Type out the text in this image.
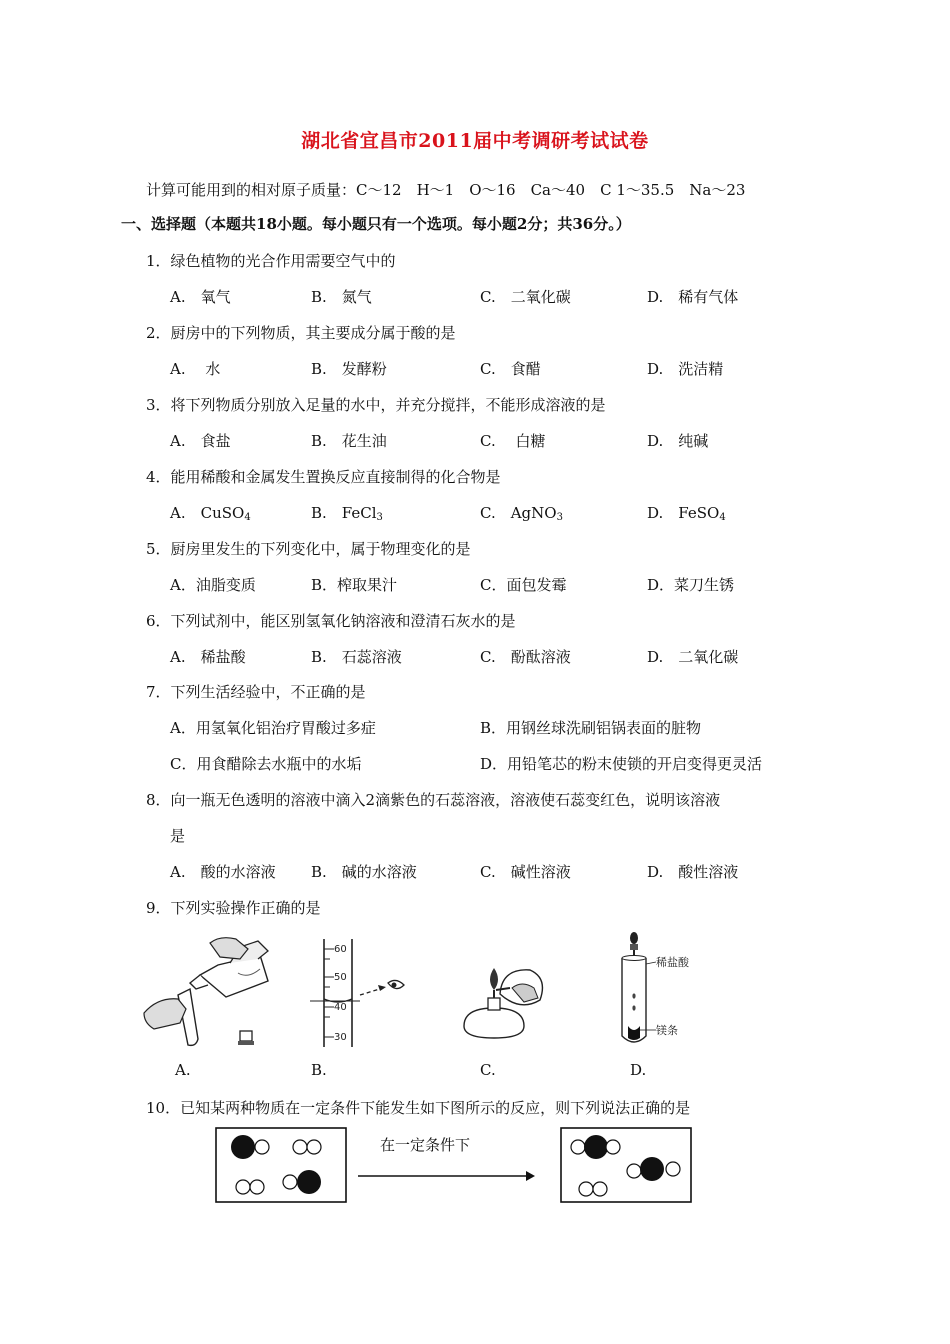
湖北省宜昌市2011届中考调研考试试卷
计算可能用到的相对原子质量：C～12　H～1　O～16　Ca～40　C 1～35.5　Na～23
一、选择题（本题共18小题。每小题只有一个选项。每小题2分；共36分。）
1．绿色植物的光合作用需要空气中的
A.　氧气	B.　氮气	C.　二氧化碳	D.　稀有气体
2．厨房中的下列物质，其主要成分属于酸的是
A.　 水	B.　发酵粉	C.　食醋	D.　洗洁精
3．将下列物质分别放入足量的水中，并充分搅拌，不能形成溶液的是
A.　食盐	B.　花生油	C.　 白糖	D.　纯碱
4．能用稀酸和金属发生置换反应直接制得的化合物是
A.　CuSO$_4$	B.　FeCl$_3$	C.　AgNO$_3$	D.　FeSO$_4$
5．厨房里发生的下列变化中，属于物理变化的是
A．油脂变质	B．榨取果汁	C．面包发霉	D．菜刀生锈
6．下列试剂中，能区别氢氧化钠溶液和澄清石灰水的是
A.　稀盐酸	B.　石蕊溶液	C.　酚酞溶液	D.　二氧化碳
7．下列生活经验中，不正确的是
A．用氢氧化铝治疗胃酸过多症	B．用钢丝球洗刷铝锅表面的脏物
C．用食醋除去水瓶中的水垢	D．用铅笔芯的粉末使锁的开启变得更灵活
8．向一瓶无色透明的溶液中滴入2滴紫色的石蕊溶液，溶液使石蕊变红色，说明该溶液
是
A.　酸的水溶液 B.　碱的水溶液	C.　碱性溶液	D.　酸性溶液
9．下列实验操作正确的是
A.
60
50
40
30
B.	C.
稀盐酸
镁条
D.
10．已知某两种物质在一定条件下能发生如下图所示的反应，则下列说法正确的是
在一定条件下
